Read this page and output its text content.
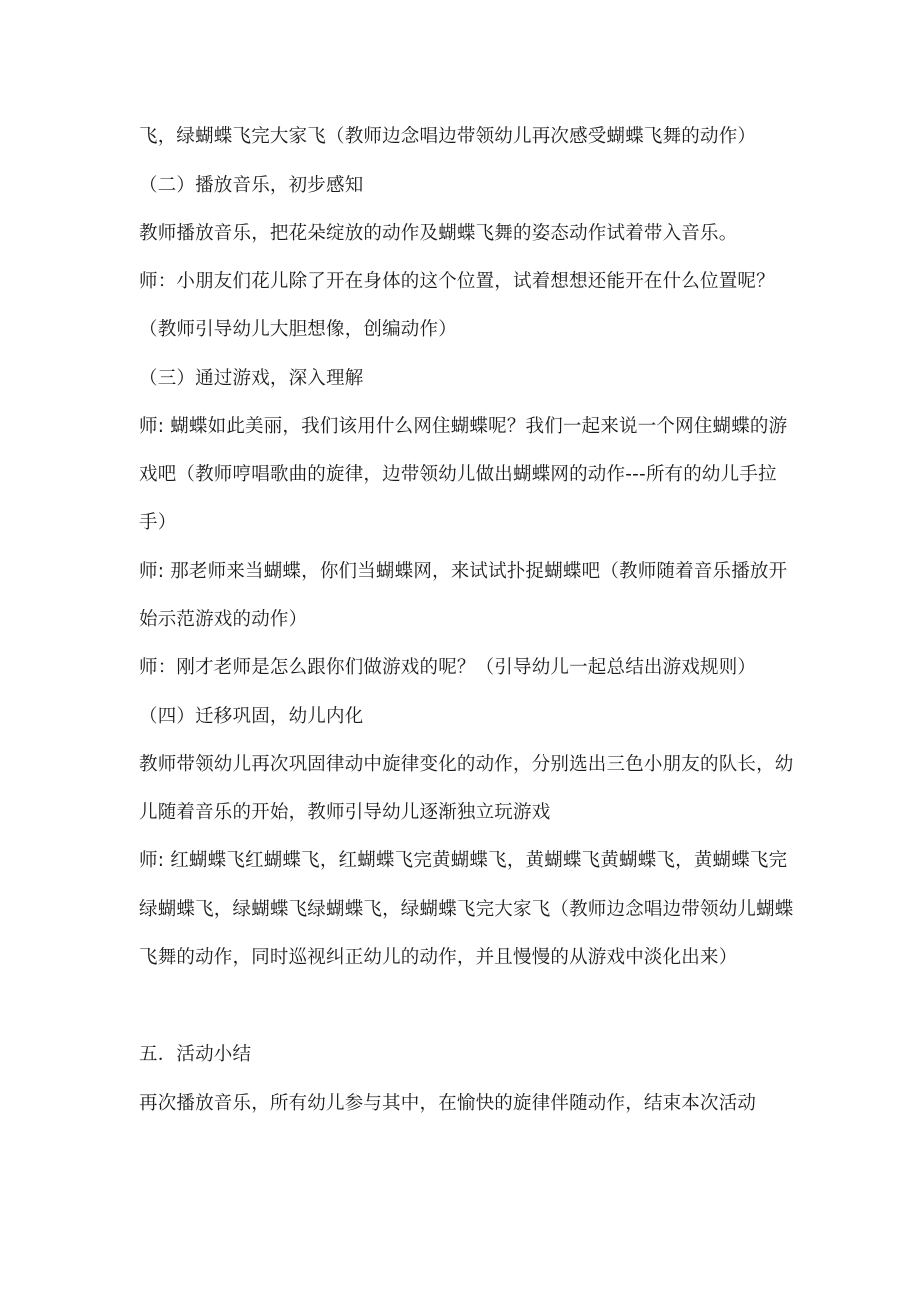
飞，绿蝴蝶飞完大家飞（教师边念唱边带领幼儿再次感受蝴蝶飞舞的动作）
（二）播放音乐，初步感知
教师播放音乐，把花朵绽放的动作及蝴蝶飞舞的姿态动作试着带入音乐。
师：小朋友们花儿除了开在身体的这个位置，试着想想还能开在什么位置呢？
（教师引导幼儿大胆想像，创编动作）
（三）通过游戏，深入理解
师: 蝴蝶如此美丽，我们该用什么网住蝴蝶呢？我们一起来说一个网住蝴蝶的游
戏吧（教师哼唱歌曲的旋律，边带领幼儿做出蝴蝶网的动作---所有的幼儿手拉
手）
师: 那老师来当蝴蝶，你们当蝴蝶网，来试试扑捉蝴蝶吧（教师随着音乐播放开
始示范游戏的动作）
师：刚才老师是怎么跟你们做游戏的呢？（引导幼儿一起总结出游戏规则）
（四）迁移巩固，幼儿内化
教师带领幼儿再次巩固律动中旋律变化的动作，分别选出三色小朋友的队长，幼
儿随着音乐的开始，教师引导幼儿逐渐独立玩游戏
师: 红蝴蝶飞红蝴蝶飞，红蝴蝶飞完黄蝴蝶飞，黄蝴蝶飞黄蝴蝶飞，黄蝴蝶飞完
绿蝴蝶飞，绿蝴蝶飞绿蝴蝶飞，绿蝴蝶飞完大家飞（教师边念唱边带领幼儿蝴蝶
飞舞的动作，同时巡视纠正幼儿的动作，并且慢慢的从游戏中淡化出来）
五．活动小结
再次播放音乐，所有幼儿参与其中，在愉快的旋律伴随动作，结束本次活动
